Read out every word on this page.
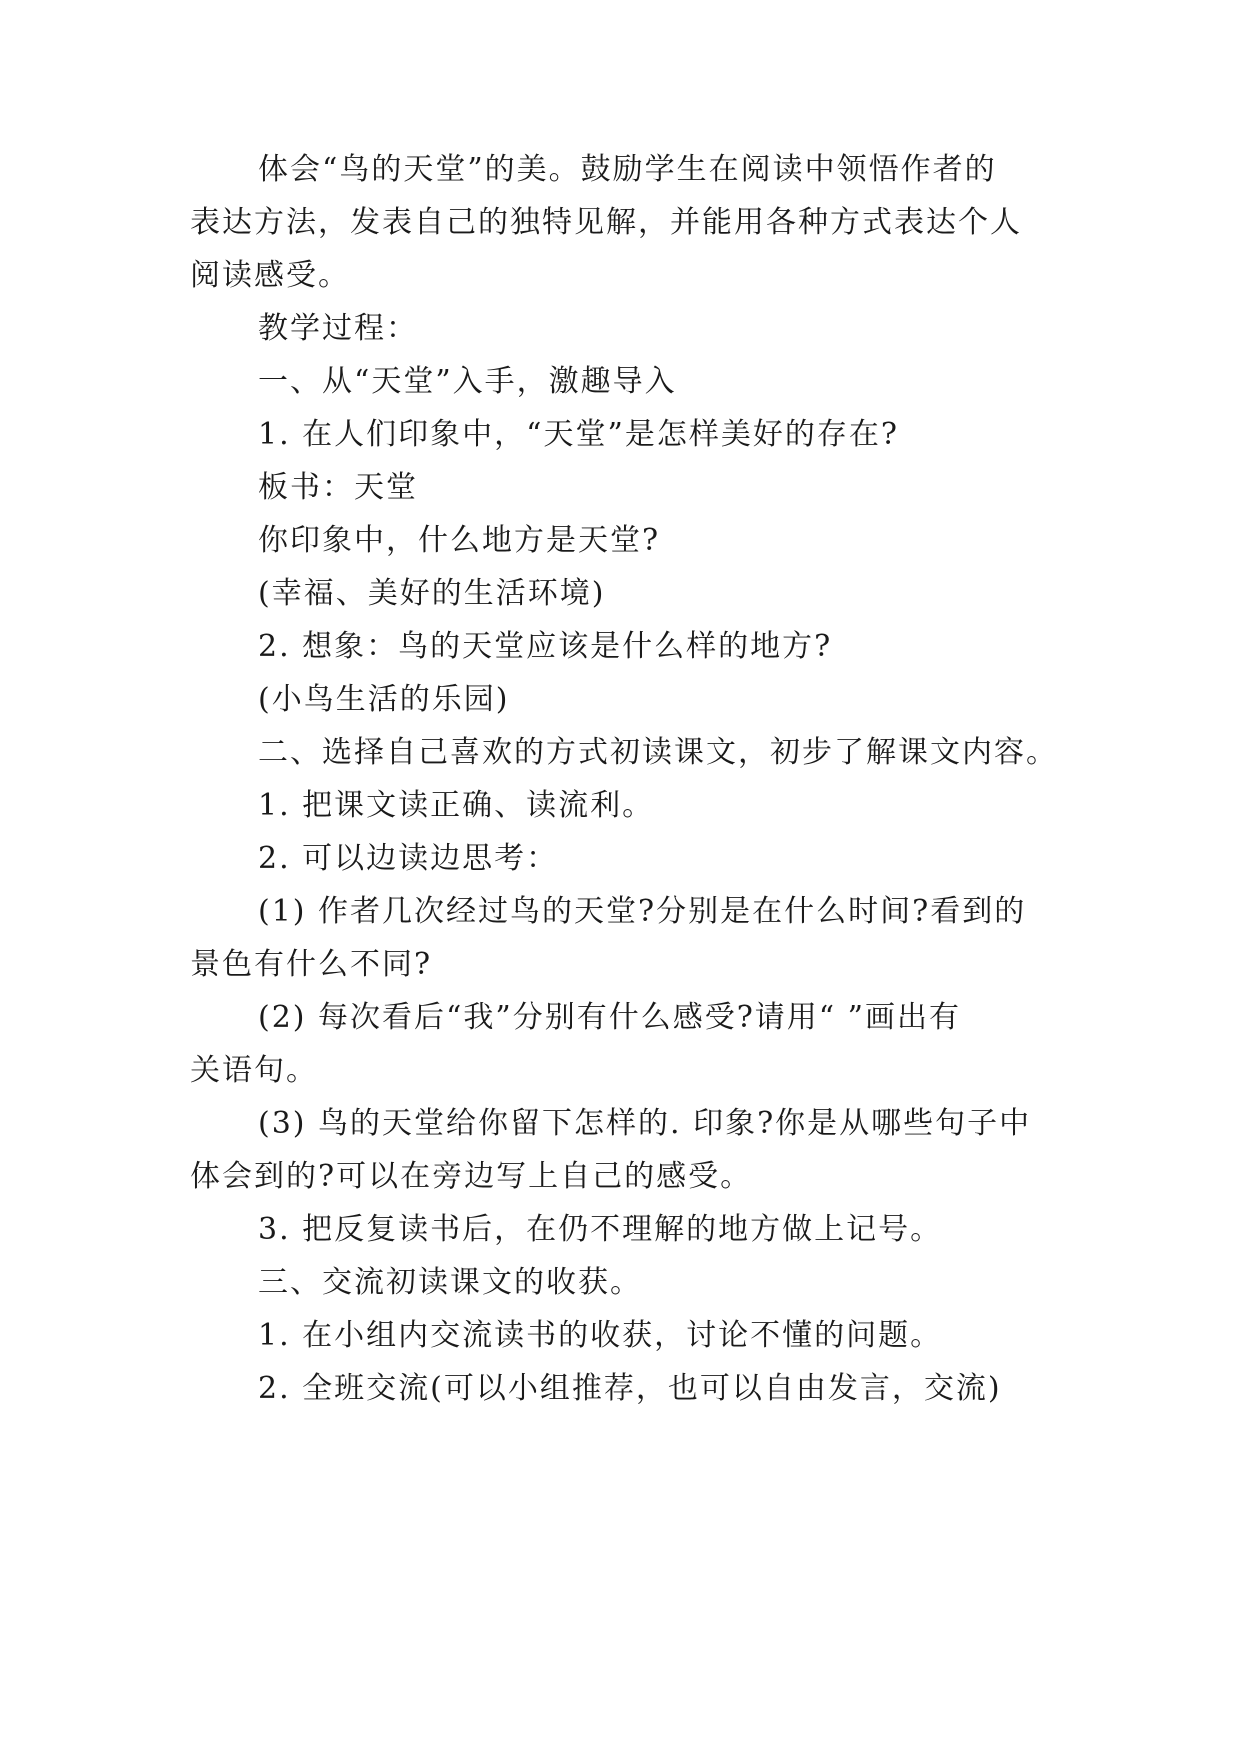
体会“鸟的天堂”的美。鼓励学生在阅读中领悟作者的
表达方法，发表自己的独特见解，并能用各种方式表达个人
阅读感受。
教学过程：
一、从“天堂”入手，激趣导入
1. 在人们印象中，“天堂”是怎样美好的存在?
板书：天堂
你印象中，什么地方是天堂?
(幸福、美好的生活环境)
2. 想象：鸟的天堂应该是什么样的地方?
(小鸟生活的乐园)
二、选择自己喜欢的方式初读课文，初步了解课文内容。
1. 把课文读正确、读流利。
2. 可以边读边思考：
(1) 作者几次经过鸟的天堂?分别是在什么时间?看到的
景色有什么不同?
(2) 每次看后“我”分别有什么感受?请用“ ”画出有
关语句。
(3) 鸟的天堂给你留下怎样的. 印象?你是从哪些句子中
体会到的?可以在旁边写上自己的感受。
3. 把反复读书后，在仍不理解的地方做上记号。
三、交流初读课文的收获。
1. 在小组内交流读书的收获，讨论不懂的问题。
2. 全班交流(可以小组推荐，也可以自由发言，交流)
